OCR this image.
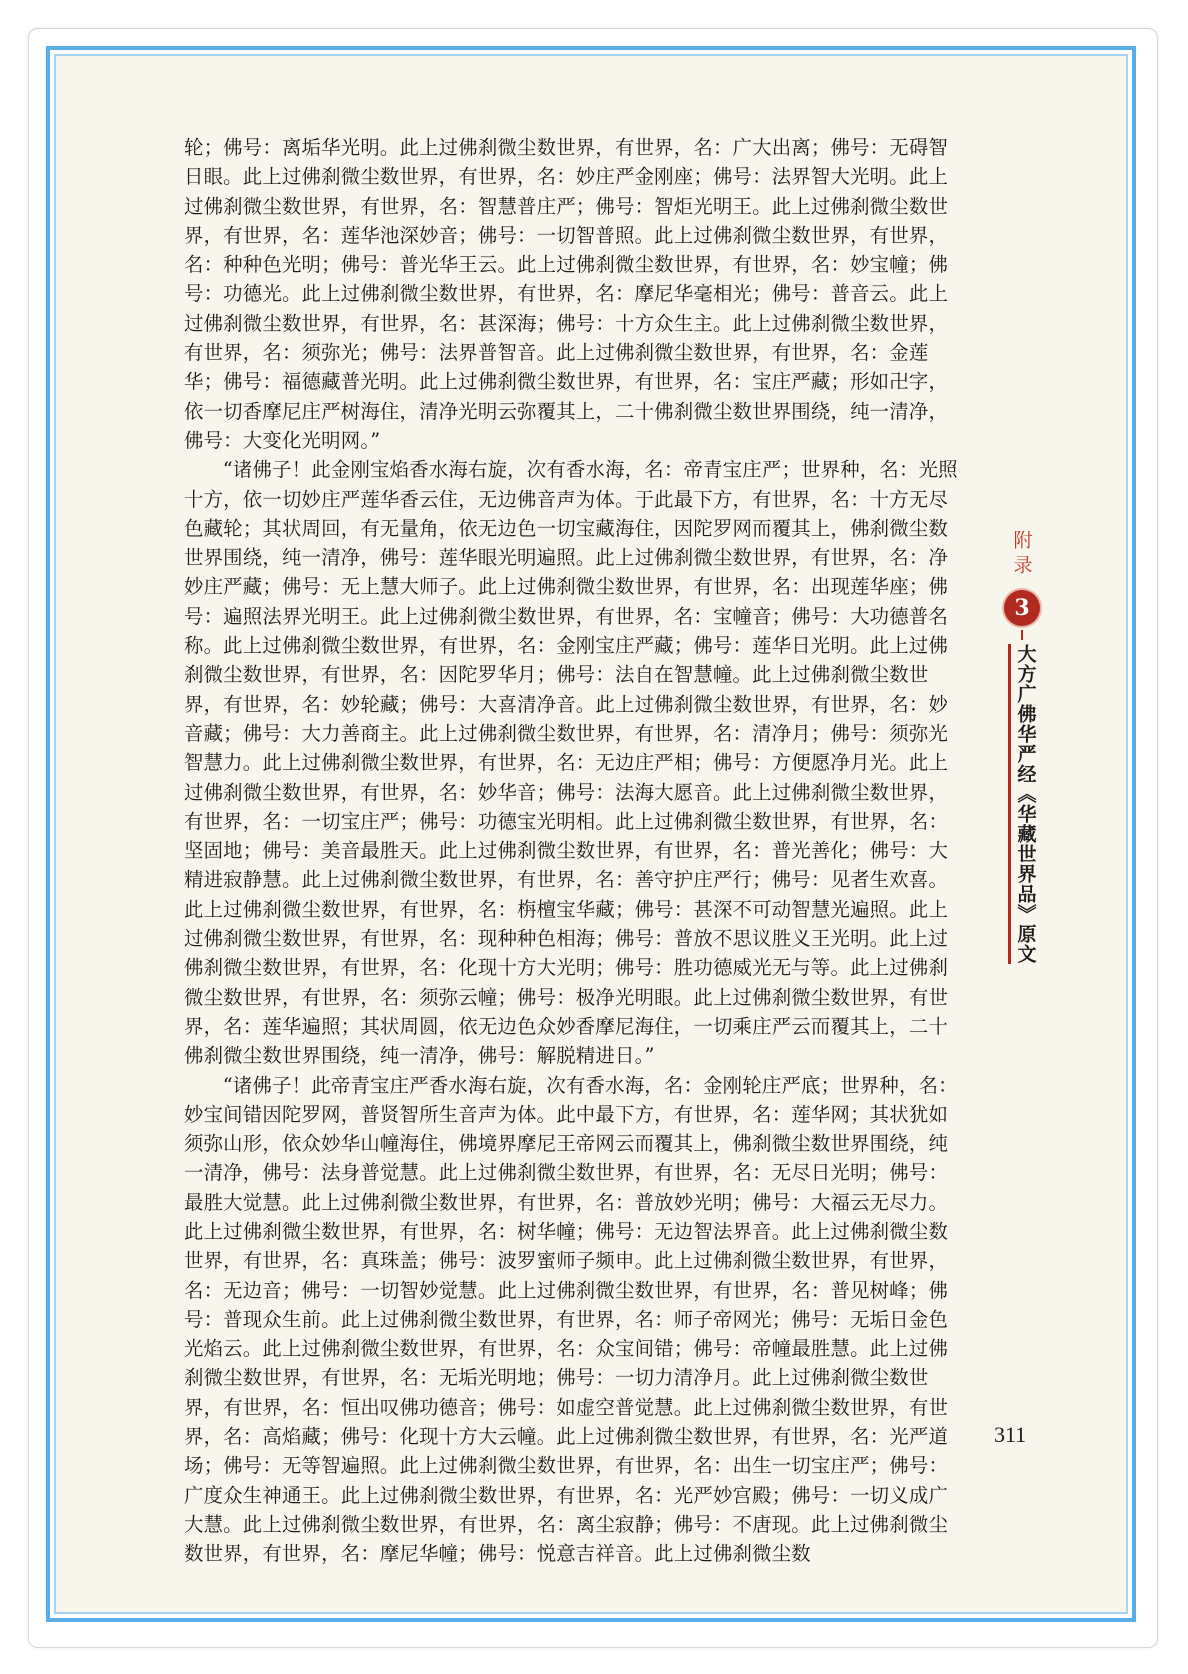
轮；佛号：离垢华光明。此上过佛刹微尘数世界，有世界，名：广大出离；佛号：无碍智日眼。此上过佛刹微尘数世界，有世界，名：妙庄严金刚座；佛号：法界智大光明。此上过佛刹微尘数世界，有世界，名：智慧普庄严；佛号：智炬光明王。此上过佛刹微尘数世界，有世界，名：莲华池深妙音；佛号：一切智普照。此上过佛刹微尘数世界，有世界，名：种种色光明；佛号：普光华王云。此上过佛刹微尘数世界，有世界，名：妙宝幢；佛号：功德光。此上过佛刹微尘数世界，有世界，名：摩尼华毫相光；佛号：普音云。此上过佛刹微尘数世界，有世界，名：甚深海；佛号：十方众生主。此上过佛刹微尘数世界，有世界，名：须弥光；佛号：法界普智音。此上过佛刹微尘数世界，有世界，名：金莲华；佛号：福德藏普光明。此上过佛刹微尘数世界，有世界，名：宝庄严藏；形如卍字，依一切香摩尼庄严树海住，清净光明云弥覆其上，二十佛刹微尘数世界围绕，纯一清净，佛号：大变化光明网。”

“诸佛子！此金刚宝焰香水海右旋，次有香水海，名：帝青宝庄严；世界种，名：光照十方，依一切妙庄严莲华香云住，无边佛音声为体。于此最下方，有世界，名：十方无尽色藏轮；其状周回，有无量角，依无边色一切宝藏海住，因陀罗网而覆其上，佛刹微尘数世界围绕，纯一清净，佛号：莲华眼光明遍照。此上过佛刹微尘数世界，有世界，名：净妙庄严藏；佛号：无上慧大师子。此上过佛刹微尘数世界，有世界，名：出现莲华座；佛号：遍照法界光明王。此上过佛刹微尘数世界，有世界，名：宝幢音；佛号：大功德普名称。此上过佛刹微尘数世界，有世界，名：金刚宝庄严藏；佛号：莲华日光明。此上过佛刹微尘数世界，有世界，名：因陀罗华月；佛号：法自在智慧幢。此上过佛刹微尘数世界，有世界，名：妙轮藏；佛号：大喜清净音。此上过佛刹微尘数世界，有世界，名：妙音藏；佛号：大力善商主。此上过佛刹微尘数世界，有世界，名：清净月；佛号：须弥光智慧力。此上过佛刹微尘数世界，有世界，名：无边庄严相；佛号：方便愿净月光。此上过佛刹微尘数世界，有世界，名：妙华音；佛号：法海大愿音。此上过佛刹微尘数世界，有世界，名：一切宝庄严；佛号：功德宝光明相。此上过佛刹微尘数世界，有世界，名：坚固地；佛号：美音最胜天。此上过佛刹微尘数世界，有世界，名：普光善化；佛号：大精进寂静慧。此上过佛刹微尘数世界，有世界，名：善守护庄严行；佛号：见者生欢喜。此上过佛刹微尘数世界，有世界，名：栴檀宝华藏；佛号：甚深不可动智慧光遍照。此上过佛刹微尘数世界，有世界，名：现种种色相海；佛号：普放不思议胜义王光明。此上过佛刹微尘数世界，有世界，名：化现十方大光明；佛号：胜功德威光无与等。此上过佛刹微尘数世界，有世界，名：须弥云幢；佛号：极净光明眼。此上过佛刹微尘数世界，有世界，名：莲华遍照；其状周圆，依无边色众妙香摩尼海住，一切乘庄严云而覆其上，二十佛刹微尘数世界围绕，纯一清净，佛号：解脱精进日。”

“诸佛子！此帝青宝庄严香水海右旋，次有香水海，名：金刚轮庄严底；世界种，名：妙宝间错因陀罗网，普贤智所生音声为体。此中最下方，有世界，名：莲华网；其状犹如须弥山形，依众妙华山幢海住，佛境界摩尼王帝网云而覆其上，佛刹微尘数世界围绕，纯一清净，佛号：法身普觉慧。此上过佛刹微尘数世界，有世界，名：无尽日光明；佛号：最胜大觉慧。此上过佛刹微尘数世界，有世界，名：普放妙光明；佛号：大福云无尽力。此上过佛刹微尘数世界，有世界，名：树华幢；佛号：无边智法界音。此上过佛刹微尘数世界，有世界，名：真珠盖；佛号：波罗蜜师子频申。此上过佛刹微尘数世界，有世界，名：无边音；佛号：一切智妙觉慧。此上过佛刹微尘数世界，有世界，名：普见树峰；佛号：普现众生前。此上过佛刹微尘数世界，有世界，名：师子帝网光；佛号：无垢日金色光焰云。此上过佛刹微尘数世界，有世界，名：众宝间错；佛号：帝幢最胜慧。此上过佛刹微尘数世界，有世界，名：无垢光明地；佛号：一切力清净月。此上过佛刹微尘数世界，有世界，名：恒出叹佛功德音；佛号：如虚空普觉慧。此上过佛刹微尘数世界，有世界，名：高焰藏；佛号：化现十方大云幢。此上过佛刹微尘数世界，有世界，名：光严道场；佛号：无等智遍照。此上过佛刹微尘数世界，有世界，名：出生一切宝庄严；佛号：广度众生神通王。此上过佛刹微尘数世界，有世界，名：光严妙宫殿；佛号：一切义成广大慧。此上过佛刹微尘数世界，有世界，名：离尘寂静；佛号：不唐现。此上过佛刹微尘数世界，有世界，名：摩尼华幢；佛号：悦意吉祥音。此上过佛刹微尘数

附录
3
大方广佛华严经《华藏世界品》原文
311
